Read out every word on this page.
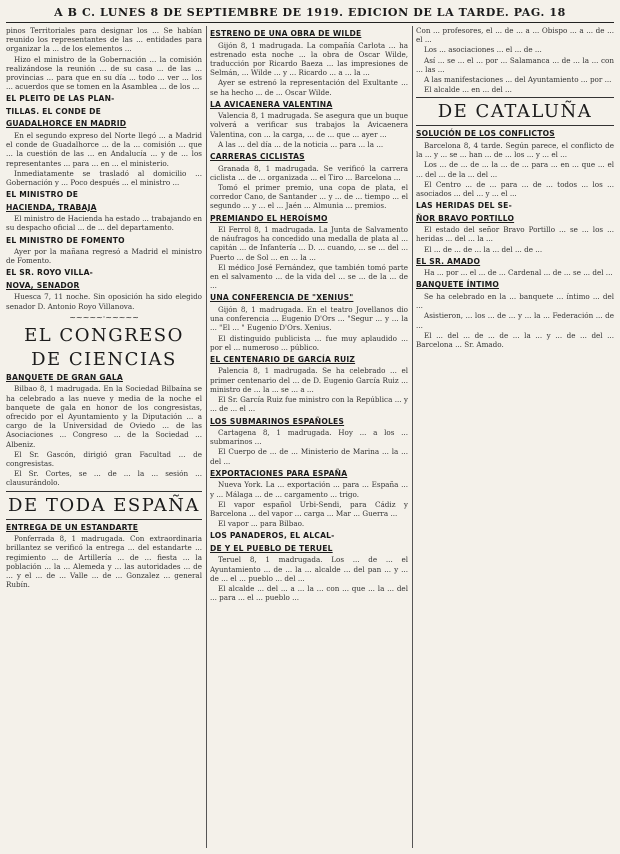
A B C. LUNES 8 DE SEPTIEMBRE DE 1919. EDICION DE LA TARDE. PAG. 18

pinos Territoriales para designar los ... Se habían reunido los representantes de las ... entidades para organizar la ... de los elementos ...

Hizo el ministro de la Gobernación ... la comisión realizándose la reunión ... de su casa ... de las ... provincias ... para que en su día ... todo ... ver ... los ... acuerdos que se tomen en la Asamblea ... de los ...

EL PLEITO DE LAS PLAN-
TILLAS. EL CONDE DE
GUADALHORCE EN MADRID

En el segundo expreso del Norte llegó ... a Madrid el conde de Guadalhorce ... de la ... comisión ... que ... la cuestión de las ... en Andalucía ... y de ... los representantes ... para ... en ... el ministerio.

Inmediatamente se trasladó al domicilio ... Gobernación y ... Poco después ... el ministro ...

EL MINISTRO DE
HACIENDA, TRABAJA

El ministro de Hacienda ha estado ... trabajando en su despacho oficial ... de ... del departamento.

EL MINISTRO DE FOMENTO

Ayer por la mañana regresó a Madrid el ministro de Fomento.

EL SR. ROYO VILLA-
NOVA, SENADOR

Huesca 7, 11 noche. Sin oposición ha sido elegido senador D. Antonio Royo Villanova.

~~~~~·~~~~~
EL CONGRESO
DE CIENCIAS
BANQUETE DE GRAN GALA

Bilbao 8, 1 madrugada. En la Sociedad Bilbaína se ha celebrado a las nueve y media de la noche el banquete de gala en honor de los congresistas, ofrecido por el Ayuntamiento y la Diputación ... a cargo de la Universidad de Oviedo ... de las Asociaciones ... Congreso ... de la Sociedad ... Albeniz.

El Sr. Gascón, dirigió gran Facultad ... de congresistas.

El Sr. Cortes, se ... de ... la ... sesión ... clausurándolo.

DE TODA ESPAÑA
ENTREGA DE UN ESTANDARTE

Ponferrada 8, 1 madrugada. Con extraordinaria brillantez se verificó la entrega ... del estandarte ... regimiento ... de Artillería ... de ... fiesta ... la población ... la ... Alemeda y ... las autoridades ... de ... y el ... de ... Valle ... de ... Gonzalez ... general Rubín.

ESTRENO DE UNA OBRA DE WILDE

Gijón 8, 1 madrugada. La compañía Carlota ... ha estrenado esta noche ... la obra de Oscar Wilde, traducción por Ricardo Baeza ... las impresiones de Selmán, ... Wilde ... y ... Ricardo ... a ... la ...

Ayer se estrenó la representación del Exultante ... se ha hecho ... de ... Oscar Wilde.

LA AVICAENERA VALENTINA

Valencia 8, 1 madrugada. Se asegura que un buque volverá a verificar sus trabajos la Avicaenera Valentina, con ... la carga, ... de ... que ... ayer ...

A las ... del día ... de la noticia ... para ... la ...

CARRERAS CICLISTAS

Granada 8, 1 madrugada. Se verificó la carrera ciclista ... de ... organizada ... el Tiro ... Barcelona ...

Tomó el primer premio, una copa de plata, el corredor Cano, de Santander ... y ... de ... tiempo ... el segundo ... y ... el ... Jaén ... Almunia ... premios.

PREMIANDO EL HEROÍSMO

El Ferrol 8, 1 madrugada. La Junta de Salvamento de náufragos ha concedido una medalla de plata al ... capitán ... de Infantería ... D. ... cuando, ... se ... del ... Puerto ... de Sol ... en ... la ...

El médico José Fernández, que también tomó parte en el salvamento ... de la vida del ... se ... de la ... de ...

UNA CONFERENCIA DE "XENIUS"

Gijón 8, 1 madrugada. En el teatro Jovellanos dio una conferencia ... Eugenio D'Ors ... "Segur ... y ... la ... "El ... " Eugenio D'Ors. Xenius.

El distinguido publicista ... fue muy aplaudido ... por el ... numeroso ... público.

EL CENTENARIO DE GARCÍA RUIZ

Palencia 8, 1 madrugada. Se ha celebrado ... el primer centenario del ... de D. Eugenio García Ruiz ... ministro de ... la ... se ... a ...

El Sr. García Ruiz fue ministro con la República ... y ... de ... el ...

LOS SUBMARINOS ESPAÑOLES

Cartagena 8, 1 madrugada. Hoy ... a los ... submarinos ...

El Cuerpo de ... de ... Ministerio de Marina ... la ... del ...

EXPORTACIONES PARA ESPAÑA

Nueva York. La ... exportación ... para ... España ... y ... Málaga ... de ... cargamento ... trigo.

El vapor español Urbi-Sendi, para Cádiz y Barcelona ... del vapor ... carga ... Mar ... Guerra ...

El vapor ... para Bilbao.

LOS PANADEROS, EL ALCAL-
DE Y EL PUEBLO DE TERUEL

Teruel 8, 1 madrugada. Los ... de ... el Ayuntamiento ... de ... la ... alcalde ... del pan ... y ... de ... el ... pueblo ... del ...

El alcalde ... del ... a ... la ... con ... que ... la ... del ... para ... el ... pueblo ...

Con ... profesores, el ... de ... a ... Obispo ... a ... de ... el ...

Los ... asociaciones ... el ... de ...

Así ... se ... el ... por ... Salamanca ... de ... la ... con ... las ...

A las manifestaciones ... del Ayuntamiento ... por ...

El alcalde ... en ... del ...

DE CATALUÑA
SOLUCIÓN DE LOS CONFLICTOS

Barcelona 8, 4 tarde. Según parece, el conflicto de la ... y ... se ... han ... de ... los ... y ... el ...

Los ... de ... de ... la ... de ... para ... en ... que ... el ... del ... de la ... del ...

El Centro ... de ... para ... de ... todos ... los ... asociados ... del ... y ... el ...

LAS HERIDAS DEL SE-
ÑOR BRAVO PORTILLO

El estado del señor Bravo Portillo ... se ... los ... heridas ... del ... la ...

El ... de ... de ... la ... del ... de ...

EL SR. AMADO

Ha ... por ... el ... de ... Cardenal ... de ... se ... del ...

BANQUETE ÍNTIMO

Se ha celebrado en la ... banquete ... íntimo ... del ...

Asistieron, ... los ... de ... y ... la ... Federación ... de ...

El ... del ... de ... de ... la ... y ... de ... del ... Barcelona ... Sr. Amado.
